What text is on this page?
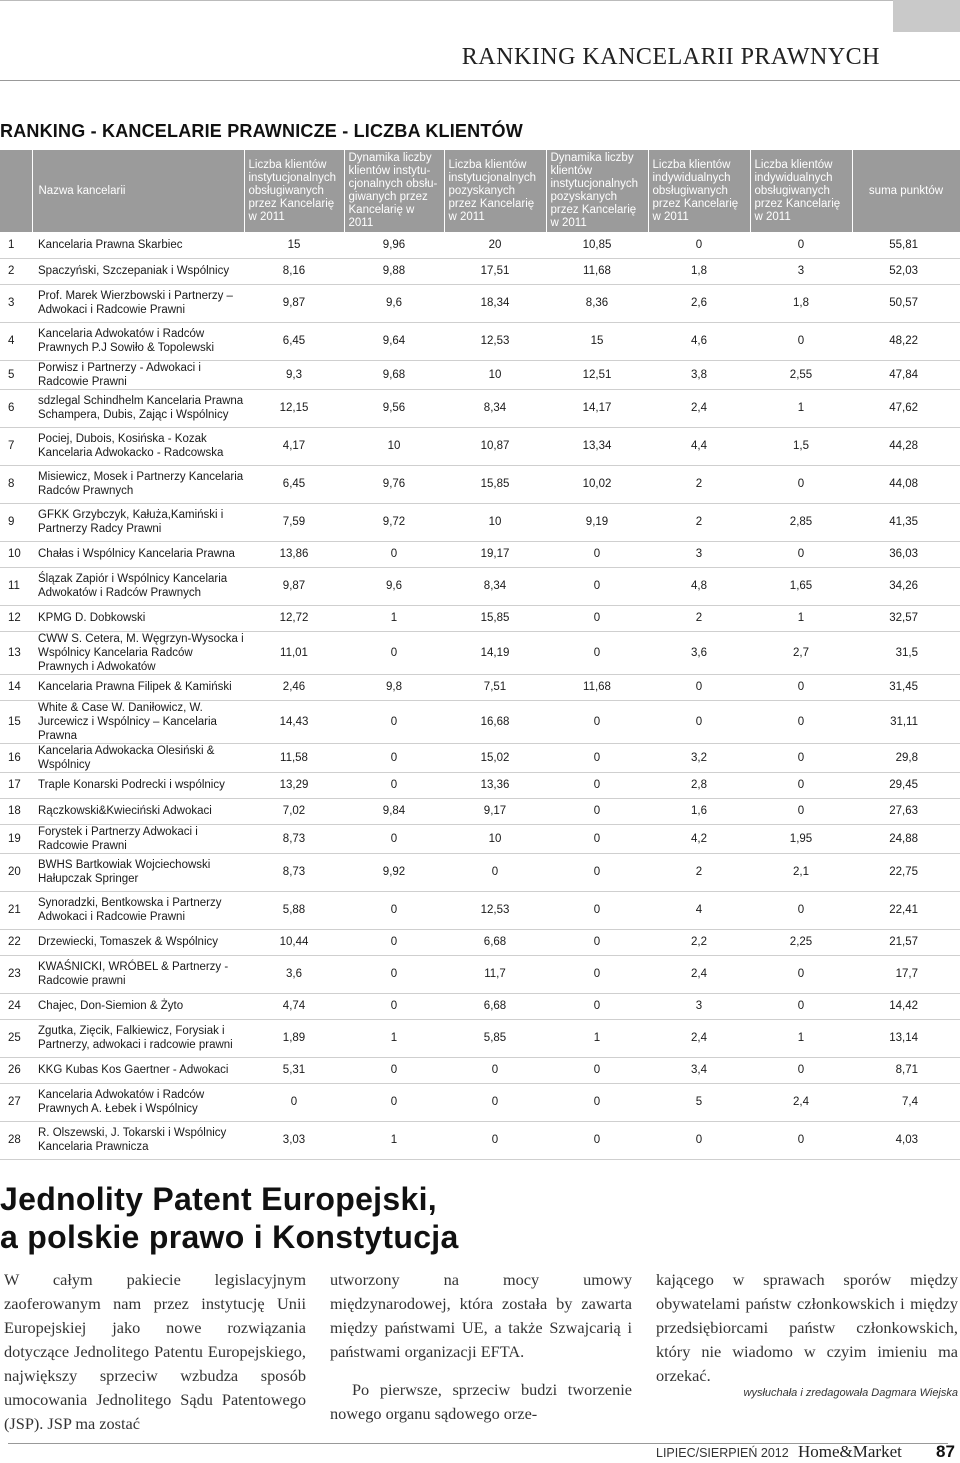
RANKING KANCELARII PRAWNYCH
RANKING - KANCELARIE PRAWNICZE - LICZBA KLIENTÓW
	Nazwa kancelarii	Liczba klientów instytucjonalnych obsługiwanych przez Kancelarię w 2011	Dynamika liczby klientów instytu-cjonalnych obsłu-giwanych przez Kancelarię w 2011	Liczba klientów instytucjonalnych pozyskanych przez Kancelarię w 2011	Dynamika liczby klientów instytucjonalnych pozyskanych przez Kancelarię w 2011	Liczba klientów indywidualnych obsługiwanych przez Kancelarię w 2011	Liczba klientów indywidualnych obsługiwanych przez Kancelarię w 2011	suma punktów
1	Kancelaria Prawna Skarbiec	15	9,96	20	10,85	0	0	55,81
2	Spaczyński, Szczepaniak i Wspólnicy	8,16	9,88	17,51	11,68	1,8	3	52,03
3	Prof. Marek Wierzbowski i Partnerzy – Adwokaci i Radcowie Prawni	9,87	9,6	18,34	8,36	2,6	1,8	50,57
4	Kancelaria Adwokatów i Radców Prawnych P.J Sowiło & Topolewski	6,45	9,64	12,53	15	4,6	0	48,22
5	Porwisz i Partnerzy - Adwokaci i Radcowie Prawni	9,3	9,68	10	12,51	3,8	2,55	47,84
6	sdzlegal Schindhelm Kancelaria Prawna Schampera, Dubis, Zając i Wspólnicy	12,15	9,56	8,34	14,17	2,4	1	47,62
7	Pociej, Dubois, Kosińska - Kozak Kancelaria Adwokacko - Radcowska	4,17	10	10,87	13,34	4,4	1,5	44,28
8	Misiewicz, Mosek i Partnerzy Kancelaria Radców Prawnych	6,45	9,76	15,85	10,02	2	0	44,08
9	GFKK Grzybczyk, Kałuża,Kamiński i Partnerzy Radcy Prawni	7,59	9,72	10	9,19	2	2,85	41,35
10	Chałas i Wspólnicy Kancelaria Prawna	13,86	0	19,17	0	3	0	36,03
11	Ślązak Zapiór i Wspólnicy Kancelaria Adwokatów i Radców Prawnych	9,87	9,6	8,34	0	4,8	1,65	34,26
12	KPMG D. Dobkowski	12,72	1	15,85	0	2	1	32,57
13	CWW S. Cetera, M. Węgrzyn-Wysocka i Wspólnicy Kancelaria Radców Prawnych i Adwokatów	11,01	0	14,19	0	3,6	2,7	31,5
14	Kancelaria Prawna Filipek & Kamiński	2,46	9,8	7,51	11,68	0	0	31,45
15	White & Case W. Daniłowicz, W. Jurcewicz i Wspólnicy – Kancelaria Prawna	14,43	0	16,68	0	0	0	31,11
16	Kancelaria Adwokacka Olesiński & Wspólnicy	11,58	0	15,02	0	3,2	0	29,8
17	Traple Konarski Podrecki i wspólnicy	13,29	0	13,36	0	2,8	0	29,45
18	Rączkowski&Kwieciński Adwokaci	7,02	9,84	9,17	0	1,6	0	27,63
19	Forystek i Partnerzy Adwokaci i Radcowie Prawni	8,73	0	10	0	4,2	1,95	24,88
20	BWHS Bartkowiak Wojciechowski Hałupczak Springer	8,73	9,92	0	0	2	2,1	22,75
21	Synoradzki, Bentkowska i Partnerzy Adwokaci i Radcowie Prawni	5,88	0	12,53	0	4	0	22,41
22	Drzewiecki, Tomaszek & Wspólnicy	10,44	0	6,68	0	2,2	2,25	21,57
23	KWAŚNICKI, WRÓBEL & Partnerzy - Radcowie prawni	3,6	0	11,7	0	2,4	0	17,7
24	Chajec, Don-Siemion & Żyto	4,74	0	6,68	0	3	0	14,42
25	Zgutka, Zięcik, Falkiewicz, Forysiak i Partnerzy, adwokaci i radcowie prawni	1,89	1	5,85	1	2,4	1	13,14
26	KKG Kubas Kos Gaertner - Adwokaci	5,31	0	0	0	3,4	0	8,71
27	Kancelaria Adwokatów i Radców Prawnych A. Łebek i Wspólnicy	0	0	0	0	5	2,4	7,4
28	R. Olszewski, J. Tokarski i Wspólnicy Kancelaria Prawnicza	3,03	1	0	0	0	0	4,03
Jednolity Patent Europejski,
a polskie prawo i Konstytucja

W całym pakiecie legislacyjnym zaoferowanym nam przez instytucję Unii Europejskiej jako nowe rozwiązania dotyczące Jednolitego Patentu Europejskiego, największy sprzeciw wzbudza sposób umocowania Jednolitego Sądu Patentowego (JSP). JSP ma zostać

utworzony na mocy umowy międzynarodowej, która została by zawarta między państwami UE, a także Szwajcarią i państwami organizacji EFTA.

Po pierwsze, sprzeciw budzi tworzenie nowego organu sądowego orze-

kającego w sprawach sporów między obywatelami państw członkowskich i między przedsiębiorcami państw członkowskich, który nie wiadomo w czyim imieniu ma orzekać.

wysłuchała i zredagowała Dagmara Wiejska
LIPIEC/SIERPIEŃ 2012 Home&Market 87
